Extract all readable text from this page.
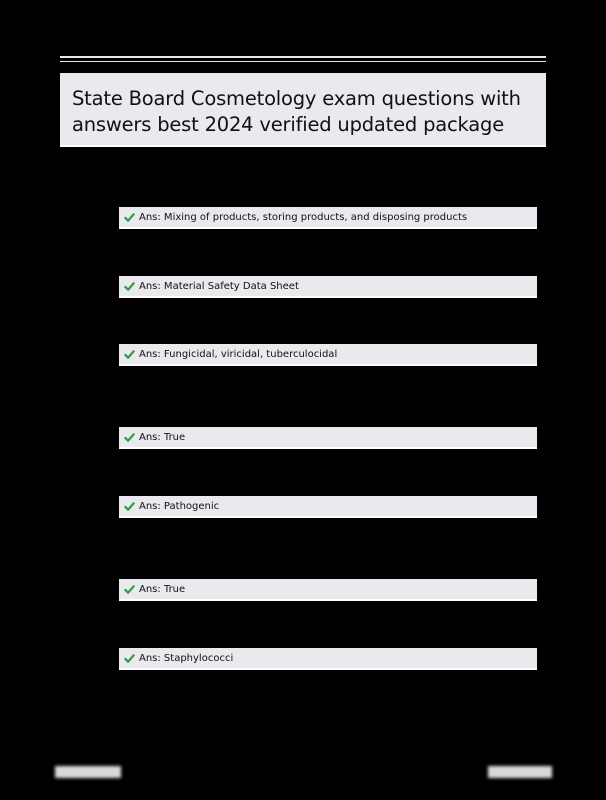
State Board Cosmetology exam questions with answers best 2024 verified updated package
Ans: Mixing of products, storing products, and disposing products
Ans: Material Safety Data Sheet
Ans: Fungicidal, viricidal, tuberculocidal
Ans: True
Ans: Pathogenic
Ans: True
Ans: Staphylococci
